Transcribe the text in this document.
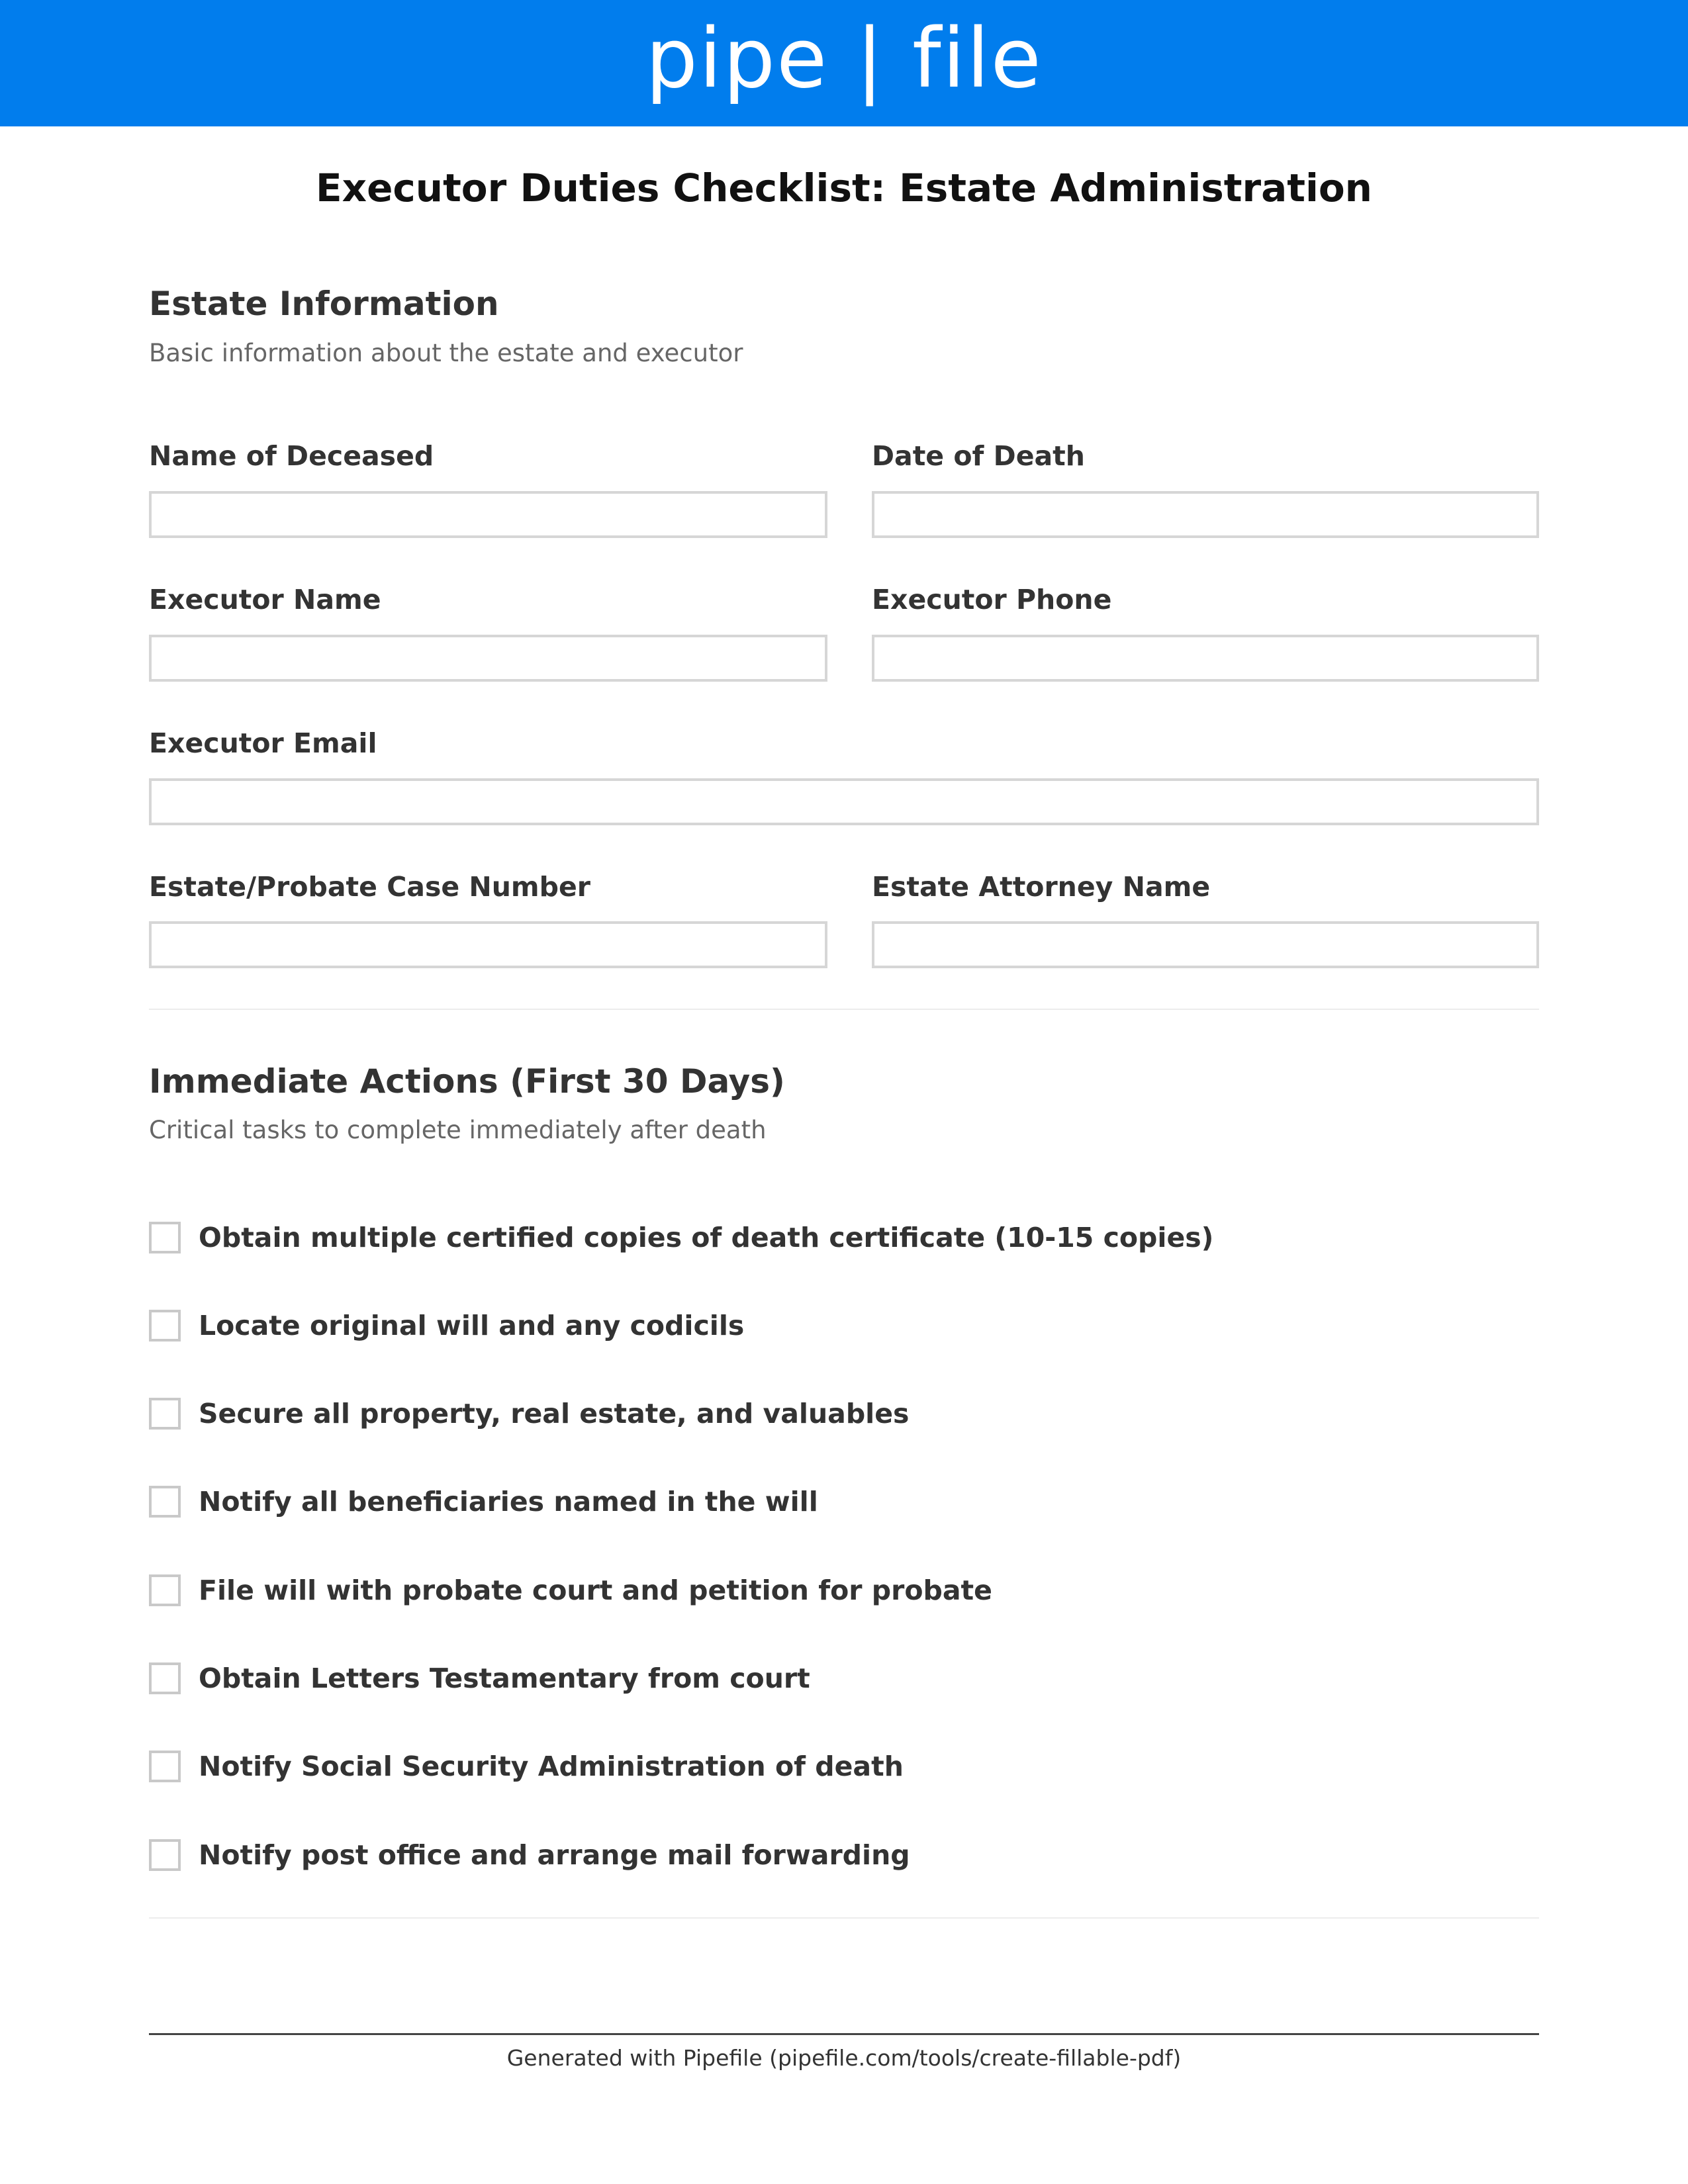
pipe | file
Executor Duties Checklist: Estate Administration
Estate Information
Basic information about the estate and executor
Name of Deceased	Date of Death
Executor Name	Executor Phone
Executor Email
Estate/Probate Case Number	Estate Attorney Name
Immediate Actions (First 30 Days)
Critical tasks to complete immediately after death
Obtain multiple certified copies of death certificate (10-15 copies)
Locate original will and any codicils
Secure all property, real estate, and valuables
Notify all beneficiaries named in the will
File will with probate court and petition for probate
Obtain Letters Testamentary from court
Notify Social Security Administration of death
Notify post office and arrange mail forwarding
Generated with Pipefile (pipefile.com/tools/create-fillable-pdf)
